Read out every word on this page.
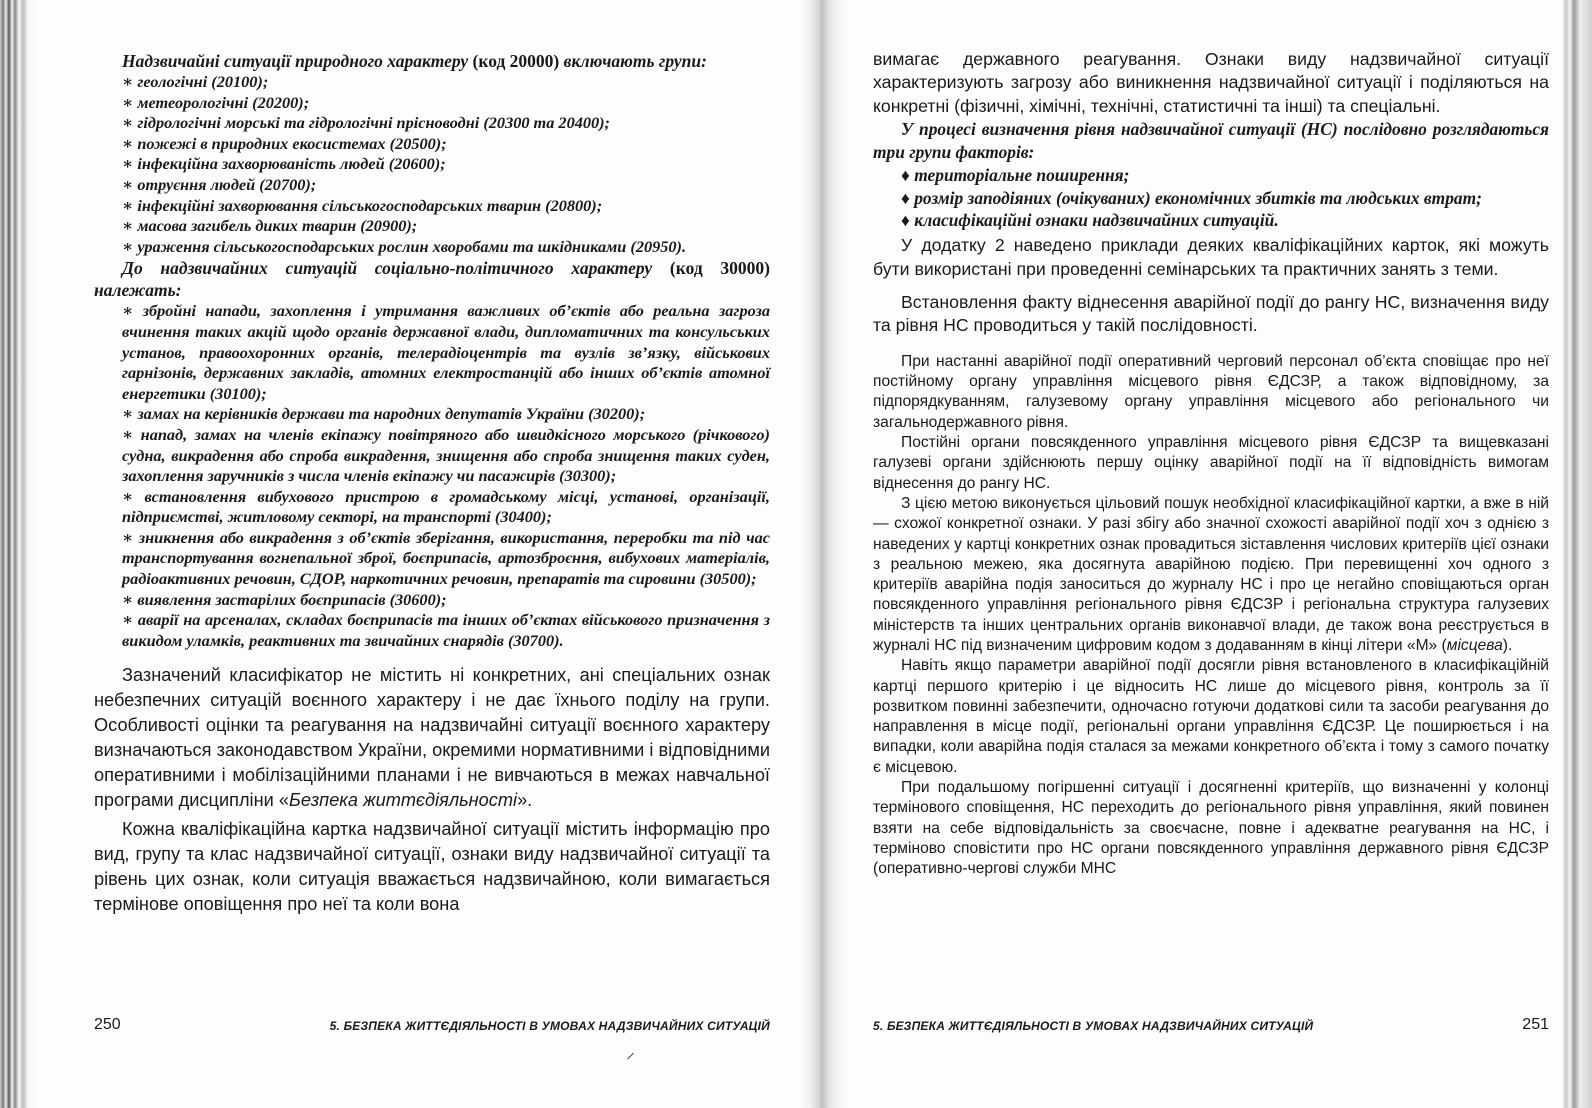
Надзвичайні ситуації природного характеру (код 20000) включають групи:

∗ геологічні (20100);
∗ метеорологічні (20200);
∗ гідрологічні морські та гідрологічні прісноводні (20300 та 20400);
∗ пожежі в природних екосистемах (20500);
∗ інфекційна захворюваність людей (20600);
∗ отруєння людей (20700);
∗ інфекційні захворювання сільськогосподарських тварин (20800);
∗ масова загибель диких тварин (20900);
∗ ураження сільськогосподарських рослин хворобами та шкідниками (20950).

До надзвичайних ситуацій соціально-політичного характеру (код 30000) належать:

∗ збройні напади, захоплення і утримання важливих об’єктів або реальна загроза вчинення таких акцій щодо органів державної влади, дипломатичних та консульських установ, правоохоронних органів, телерадіоцентрів та вузлів зв’язку, військових гарнізонів, державних закладів, атомних електростанцій або інших об’єктів атомної енергетики (30100);
∗ замах на керівників держави та народних депутатів України (30200);
∗ напад, замах на членів екіпажу повітряного або швидкісного морського (річкового) судна, викрадення або спроба викрадення, знищення або спроба знищення таких суден, захоплення заручників з числа членів екіпажу чи пасажирів (30300);
∗ встановлення вибухового пристрою в громадському місці, установі, організації, підприємстві, житловому секторі, на транспорті (30400);
∗ зникнення або викрадення з об’єктів зберігання, використання, переробки та під час транспортування вогнепальної зброї, боєприпасів, артозброєння, вибухових матеріалів, радіоактивних речовин, СДОР, наркотичних речовин, препаратів та сировини (30500);
∗ виявлення застарілих боєприпасів (30600);
∗ аварії на арсеналах, складах боєприпасів та інших об’єктах військового призначення з викидом уламків, реактивних та звичайних снарядів (30700).

Зазначений класифікатор не містить ні конкретних, ані спеціальних ознак небезпечних ситуацій воєнного характеру і не дає їхнього поділу на групи. Особливості оцінки та реагування на надзвичайні ситуації воєнного характеру визначаються законодавством України, окремими нормативними і відповідними оперативними і мобілізаційними планами і не вивчаються в межах навчальної програми дисципліни «Безпека життєдіяльності».

Кожна кваліфікаційна картка надзвичайної ситуації містить інформацію про вид, групу та клас надзвичайної ситуації, ознаки виду надзвичайної ситуації та рівень цих ознак, коли ситуація вважається надзвичайною, коли вимагається термінове оповіщення про неї та коли вона

250	5. БЕЗПЕКА ЖИТТЄДІЯЛЬНОСТІ В УМОВАХ НАДЗВИЧАЙНИХ СИТУАЦІЙ
⸝

вимагає державного реагування. Ознаки виду надзвичайної ситуації характеризують загрозу або виникнення надзвичайної ситуації і поділяються на конкретні (фізичні, хімічні, технічні, статистичні та інші) та спеціальні.

У процесі визначення рівня надзвичайної ситуації (НС) послідовно розглядаються три групи факторів:

♦ територіальне поширення;

♦ розмір заподіяних (очікуваних) економічних збитків та людських втрат;

♦ класифікаційні ознаки надзвичайних ситуацій.

У додатку 2 наведено приклади деяких кваліфікаційних карток, які можуть бути використані при проведенні семінарських та практичних занять з теми.

Встановлення факту віднесення аварійної події до рангу НС, визначення виду та рівня НС проводиться у такій послідовності.

При настанні аварійної події оперативний черговий персонал об’єкта сповіщає про неї постійному органу управління місцевого рівня ЄДСЗР, а також відповідному, за підпорядкуванням, галузевому органу управління місцевого або регіонального чи загальнодержавного рівня.

Постійні органи повсякденного управління місцевого рівня ЄДСЗР та вищевказані галузеві органи здійснюють першу оцінку аварійної події на її відповідність вимогам віднесення до рангу НС.

З цією метою виконується цільовий пошук необхідної класифікаційної картки, а вже в ній — схожої конкретної ознаки. У разі збігу або значної схожості аварійної події хоч з однією з наведених у картці конкретних ознак провадиться зіставлення числових критеріїв цієї ознаки з реальною межею, яка досягнута аварійною подією. При перевищенні хоч одного з критеріїв аварійна подія заноситься до журналу НС і про це негайно сповіщаються орган повсякденного управління регіонального рівня ЄДСЗР і регіональна структура галузевих міністерств та інших центральних органів виконавчої влади, де також вона реєструється в журналі НС під визначеним цифровим кодом з додаванням в кінці літери «М» (місцева).

Навіть якщо параметри аварійної події досягли рівня встановленого в класифікаційній картці першого критерію і це відносить НС лише до місцевого рівня, контроль за її розвитком повинні забезпечити, одночасно готуючи додаткові сили та засоби реагування до направлення в місце події, регіональні органи управління ЄДСЗР. Це поширюється і на випадки, коли аварійна подія сталася за межами конкретного об’єкта і тому з самого початку є місцевою.

При подальшому погіршенні ситуації і досягненні критеріїв, що визначенні у колонці термінового сповіщення, НС переходить до регіонального рівня управління, який повинен взяти на себе відповідальність за своєчасне, повне і адекватне реагування на НС, і терміново сповістити про НС органи повсякденного управління державного рівня ЄДСЗР (оперативно-чергові служби МНС

5. БЕЗПЕКА ЖИТТЄДІЯЛЬНОСТІ В УМОВАХ НАДЗВИЧАЙНИХ СИТУАЦІЙ	251
